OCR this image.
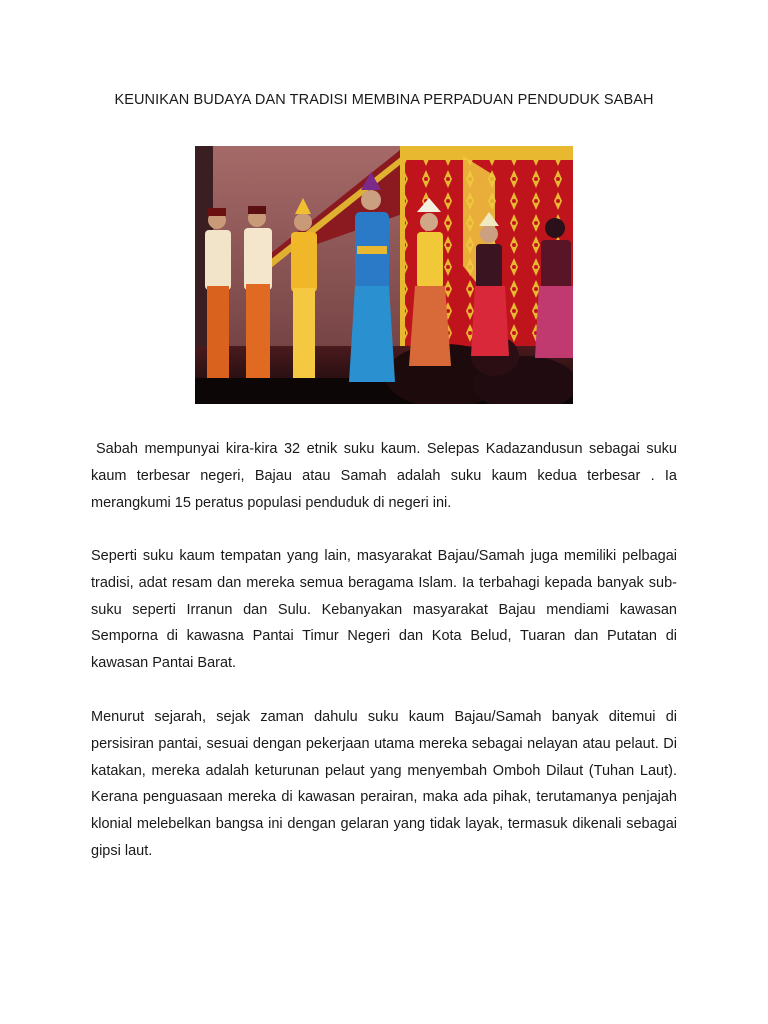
KEUNIKAN BUDAYA DAN TRADISI MEMBINA PERPADUAN PENDUDUK SABAH

Sabah mempunyai kira-kira 32 etnik suku kaum. Selepas Kadazandusun sebagai suku kaum terbesar negeri, Bajau atau Samah adalah suku kaum kedua terbesar . Ia merangkumi 15 peratus populasi penduduk di negeri ini.

Seperti suku kaum tempatan yang lain, masyarakat Bajau/Samah juga memiliki pelbagai tradisi, adat resam dan mereka semua beragama Islam. Ia terbahagi kepada banyak sub-suku seperti Irranun dan Sulu. Kebanyakan masyarakat Bajau mendiami kawasan Semporna di kawasna Pantai Timur Negeri dan Kota Belud, Tuaran dan Putatan di kawasan Pantai Barat.

Menurut sejarah, sejak zaman dahulu suku kaum Bajau/Samah banyak ditemui di persisiran pantai, sesuai dengan pekerjaan utama mereka sebagai nelayan atau pelaut. Di katakan, mereka adalah keturunan pelaut yang menyembah Omboh Dilaut (Tuhan Laut). Kerana penguasaan mereka di kawasan perairan, maka ada pihak, terutamanya penjajah klonial melebelkan bangsa ini dengan gelaran yang tidak layak, termasuk dikenali sebagai gipsi laut.
